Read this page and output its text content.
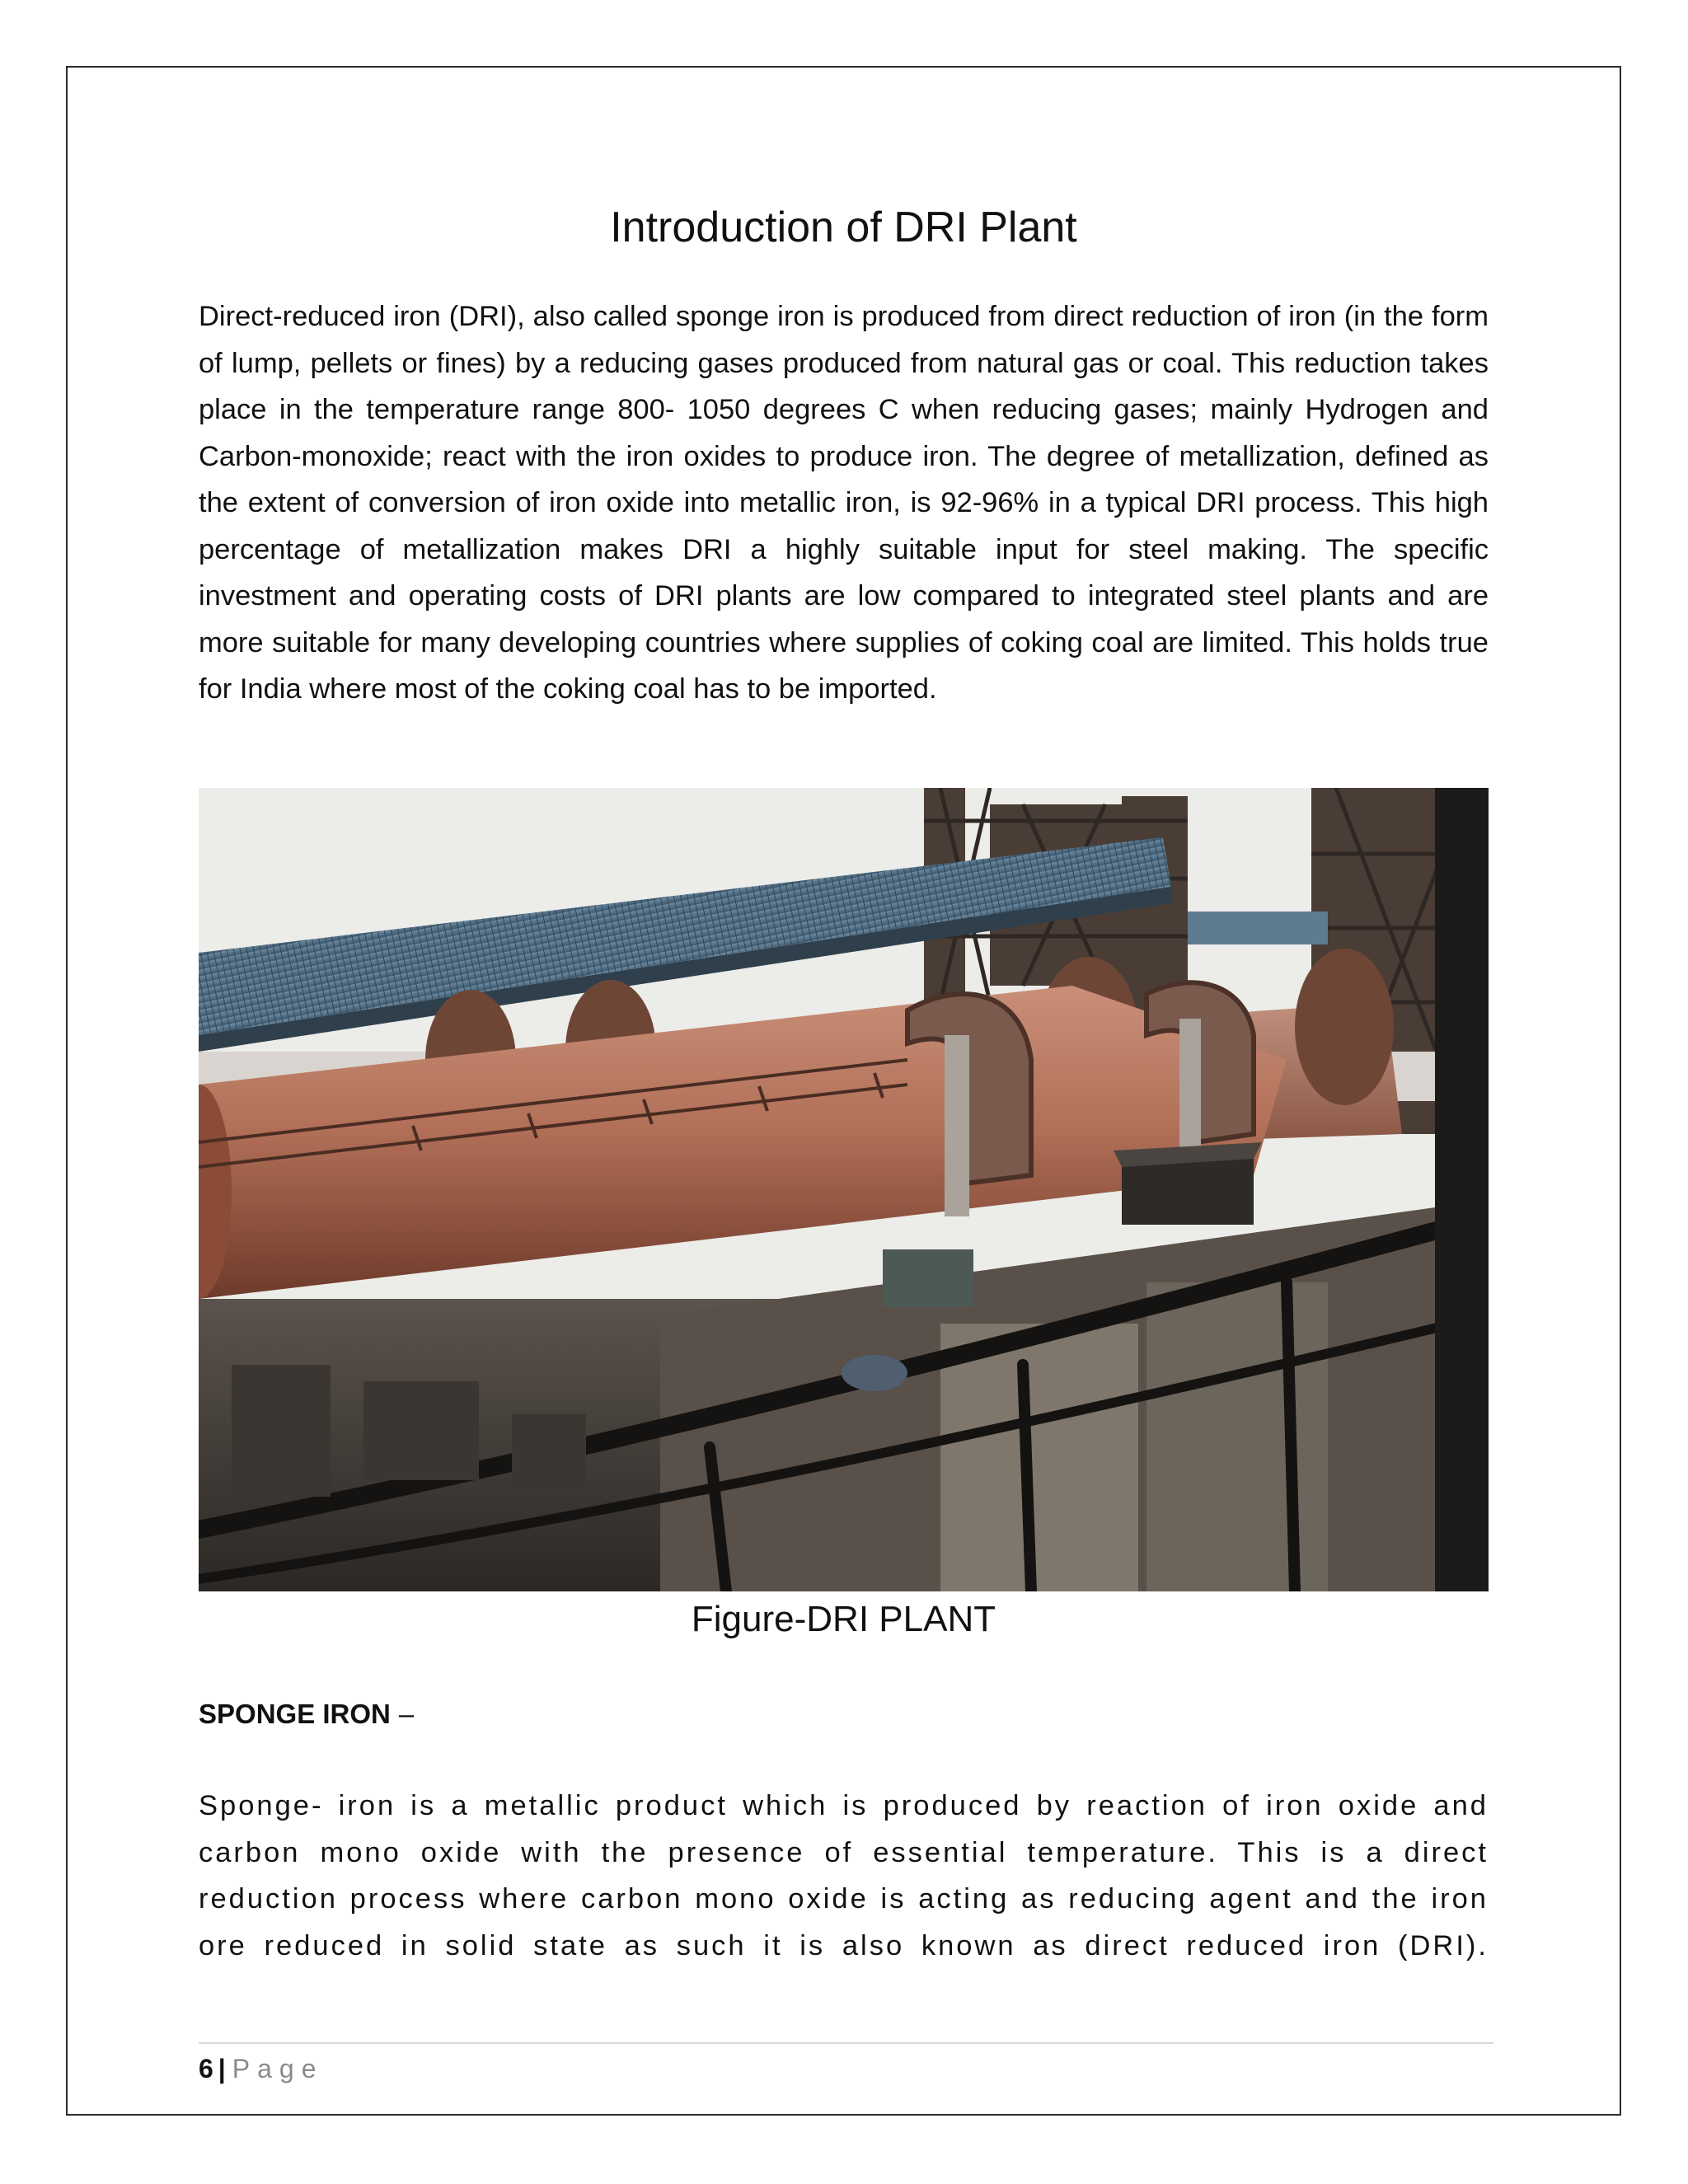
Introduction of DRI Plant

Direct-reduced iron (DRI), also called sponge iron is produced from direct reduction of iron (in the form of lump, pellets or fines) by a reducing gases produced from natural gas or coal. This reduction takes place in the temperature range 800- 1050 degrees C when reducing gases; mainly Hydrogen and Carbon-monoxide; react with the iron oxides to produce iron. The degree of metallization, defined as the extent of conversion of iron oxide into metallic iron, is 92-96% in a typical DRI process. This high percentage of metallization makes DRI a highly suitable input for steel making. The specific investment and operating costs of DRI plants are low compared to integrated steel plants and are more suitable for many developing countries where supplies of coking coal are limited. This holds true for India where most of the coking coal has to be imported.

Figure-DRI PLANT
SPONGE IRON –

Sponge- iron is a metallic product which is produced by reaction of iron oxide and carbon mono oxide with the presence of essential temperature. This is a direct reduction process where carbon mono oxide is acting as reducing agent and the iron ore reduced in solid state as such it is also known as direct reduced iron (DRI).

6 | Page
